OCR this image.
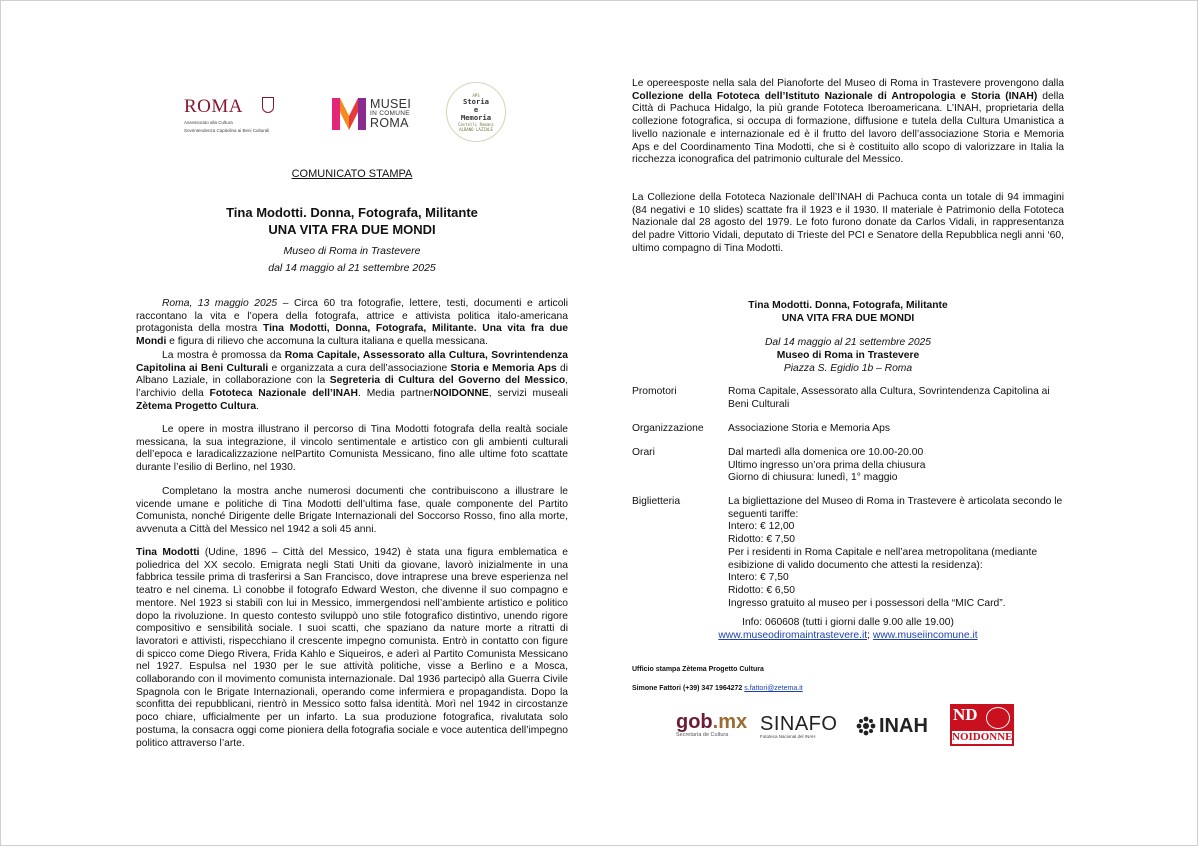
ROMA
Assessorato alla Cultura
Sovrintendenza Capitolina ai Beni Culturali
MUSEI
IN COMUNE
ROMA
APS
Storia
e
Memoria
Castelli Romani
ALBANO LAZIALE
COMUNICATO STAMPA
Tina Modotti. Donna, Fotografa, Militante
UNA VITA FRA DUE MONDI
Museo di Roma in Trastevere
dal 14 maggio al 21 settembre 2025
Roma, 13 maggio 2025 – Circa 60 tra fotografie, lettere, testi, documenti e articoli raccontano la vita e l’opera della fotografa, attrice e attivista politica italo-americana protagonista della mostra Tina Modotti, Donna, Fotografa, Militante. Una vita fra due Mondi e figura di rilievo che accomuna la cultura italiana e quella messicana.
La mostra è promossa da Roma Capitale, Assessorato alla Cultura, Sovrintendenza Capitolina ai Beni Culturali e organizzata a cura dell’associazione Storia e Memoria Aps di Albano Laziale, in collaborazione con la Segreteria di Cultura del Governo del Messico, l’archivio della Fototeca Nazionale dell’INAH. Media partnerNOIDONNE, servizi museali Zètema Progetto Cultura.
Le opere in mostra illustrano il percorso di Tina Modotti fotografa della realtà sociale messicana, la sua integrazione, il vincolo sentimentale e artistico con gli ambienti culturali dell’epoca e laradicalizzazione nelPartito Comunista Messicano, fino alle ultime foto scattate durante l’esilio di Berlino, nel 1930.
Completano la mostra anche numerosi documenti che contribuiscono a illustrare le vicende umane e politiche di Tina Modotti dell’ultima fase, quale componente del Partito Comunista, nonché Dirigente delle Brigate Internazionali del Soccorso Rosso, fino alla morte, avvenuta a Città del Messico nel 1942 a soli 45 anni.
Tina Modotti (Udine, 1896 – Città del Messico, 1942) è stata una figura emblematica e poliedrica del XX secolo. Emigrata negli Stati Uniti da giovane, lavorò inizialmente in una fabbrica tessile prima di trasferirsi a San Francisco, dove intraprese una breve esperienza nel teatro e nel cinema. Lì conobbe il fotografo Edward Weston, che divenne il suo compagno e mentore. Nel 1923 si stabilì con lui in Messico, immergendosi nell’ambiente artistico e politico dopo la rivoluzione. In questo contesto sviluppò uno stile fotografico distintivo, unendo rigore compositivo e sensibilità sociale. I suoi scatti, che spaziano da nature morte a ritratti di lavoratori e attivisti, rispecchiano il crescente impegno comunista. Entrò in contatto con figure di spicco come Diego Rivera, Frida Kahlo e Siqueiros, e aderì al Partito Comunista Messicano nel 1927. Espulsa nel 1930 per le sue attività politiche, visse a Berlino e a Mosca, collaborando con il movimento comunista internazionale. Dal 1936 partecipò alla Guerra Civile Spagnola con le Brigate Internazionali, operando come infermiera e propagandista. Dopo la sconfitta dei repubblicani, rientrò in Messico sotto falsa identità. Morì nel 1942 in circostanze poco chiare, ufficialmente per un infarto. La sua produzione fotografica, rivalutata solo postuma, la consacra oggi come pioniera della fotografia sociale e voce autentica dell’impegno politico attraverso l’arte.
Le opereesposte nella sala del Pianoforte del Museo di Roma in Trastevere provengono dalla Collezione della Fototeca dell’Istituto Nazionale di Antropologia e Storia (INAH) della Città di Pachuca Hidalgo, la più grande Fototeca Iberoamericana. L’INAH, proprietaria della collezione fotografica, si occupa di formazione, diffusione e tutela della Cultura Umanistica a livello nazionale e internazionale ed è il frutto del lavoro dell’associazione Storia e Memoria Aps e del Coordinamento Tina Modotti, che si è costituito allo scopo di valorizzare in Italia la ricchezza iconografica del patrimonio culturale del Messico.
La Collezione della Fototeca Nazionale dell’INAH di Pachuca conta un totale di 94 immagini (84 negativi e 10 slides) scattate fra il 1923 e il 1930. Il materiale è Patrimonio della Fototeca Nazionale dal 28 agosto del 1979. Le foto furono donate da Carlos Vidali, in rappresentanza del padre Vittorio Vidali, deputato di Trieste del PCI e Senatore della Repubblica negli anni ‘60, ultimo compagno di Tina Modotti.
Tina Modotti. Donna, Fotografa, Militante
UNA VITA FRA DUE MONDI
Dal 14 maggio al 21 settembre 2025
Museo di Roma in Trastevere
Piazza S. Egidio 1b – Roma
Promotori	Roma Capitale, Assessorato alla Cultura, Sovrintendenza Capitolina ai Beni Culturali
Organizzazione	Associazione Storia e Memoria Aps
Orari	Dal martedì alla domenica ore 10.00-20.00
Ultimo ingresso un’ora prima della chiusura
Giorno di chiusura: lunedì, 1° maggio
Biglietteria	La bigliettazione del Museo di Roma in Trastevere è articolata secondo le seguenti tariffe:
Intero: € 12,00
Ridotto: € 7,50
Per i residenti in Roma Capitale e nell’area metropolitana (mediante esibizione di valido documento che attesti la residenza):
Intero: € 7,50
Ridotto: € 6,50
Ingresso gratuito al museo per i possessori della “MIC Card”.
Info: 060608 (tutti i giorni dalle 9.00 alle 19.00)
www.museodiromaintrastevere.it; www.museiincomune.it
Ufficio stampa Zètema Progetto Cultura
Simone Fattori (+39) 347 1964272 s.fattori@zetema.it
gob.mx
Secretaría de Cultura	SINAFO
Fototeca Nacional del INAH	INAH
ND
NOIDONNE
